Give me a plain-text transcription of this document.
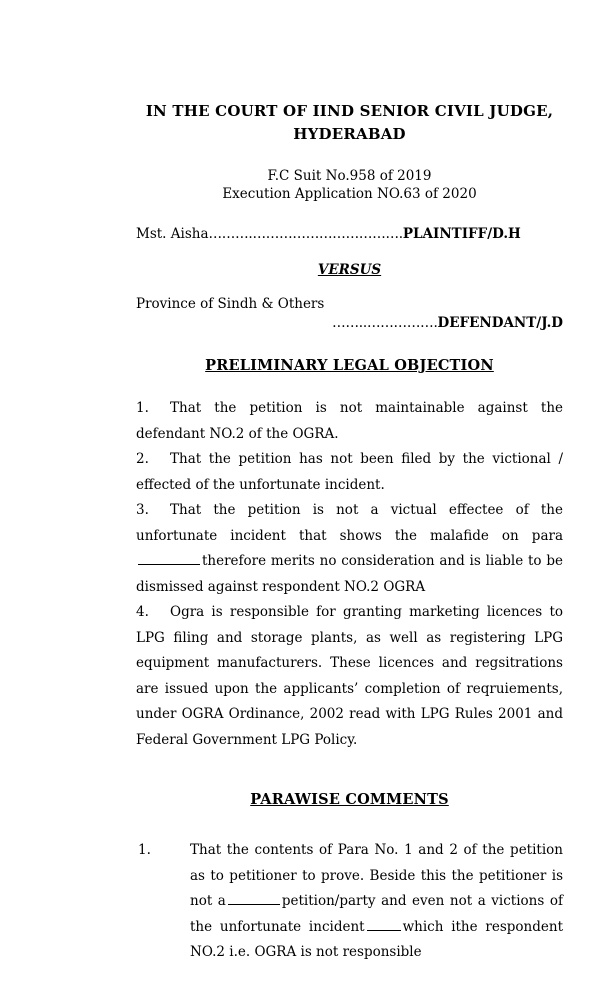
IN THE COURT OF IIND SENIOR CIVIL JUDGE,
HYDERABAD
F.C Suit No.958 of 2019
Execution Application NO.63 of 2020
Mst. Aisha……….…………………………….PLAINTIFF/D.H
VERSUS
Province of Sindh & Others
……..…………….DEFENDANT/J.D
PRELIMINARY LEGAL OBJECTION
1. That the petition is not maintainable against the defendant NO.2 of the OGRA.
2. That the petition has not been filed by the victional / effected of the unfortunate incident.
3. That the petition is not a victual effectee of the unfortunate incident that shows the malafide on paratherefore merits no consideration and is liable to be dismissed against respondent NO.2 OGRA
4. Ogra is responsible for granting marketing licences to LPG filing and storage plants, as well as registering LPG equipment manufacturers. These licences and regsitrations are issued upon the applicants’ completion of reqruiements, under OGRA Ordinance, 2002 read with LPG Rules 2001 and Federal Government LPG Policy.
PARAWISE COMMENTS
1.	That the contents of Para No. 1 and 2 of the petition as to petitioner to prove. Beside this the petitioner is not a	petition/party and even not a victions of the unfortunate incident	which ithe respondent NO.2 i.e. OGRA is not responsible
